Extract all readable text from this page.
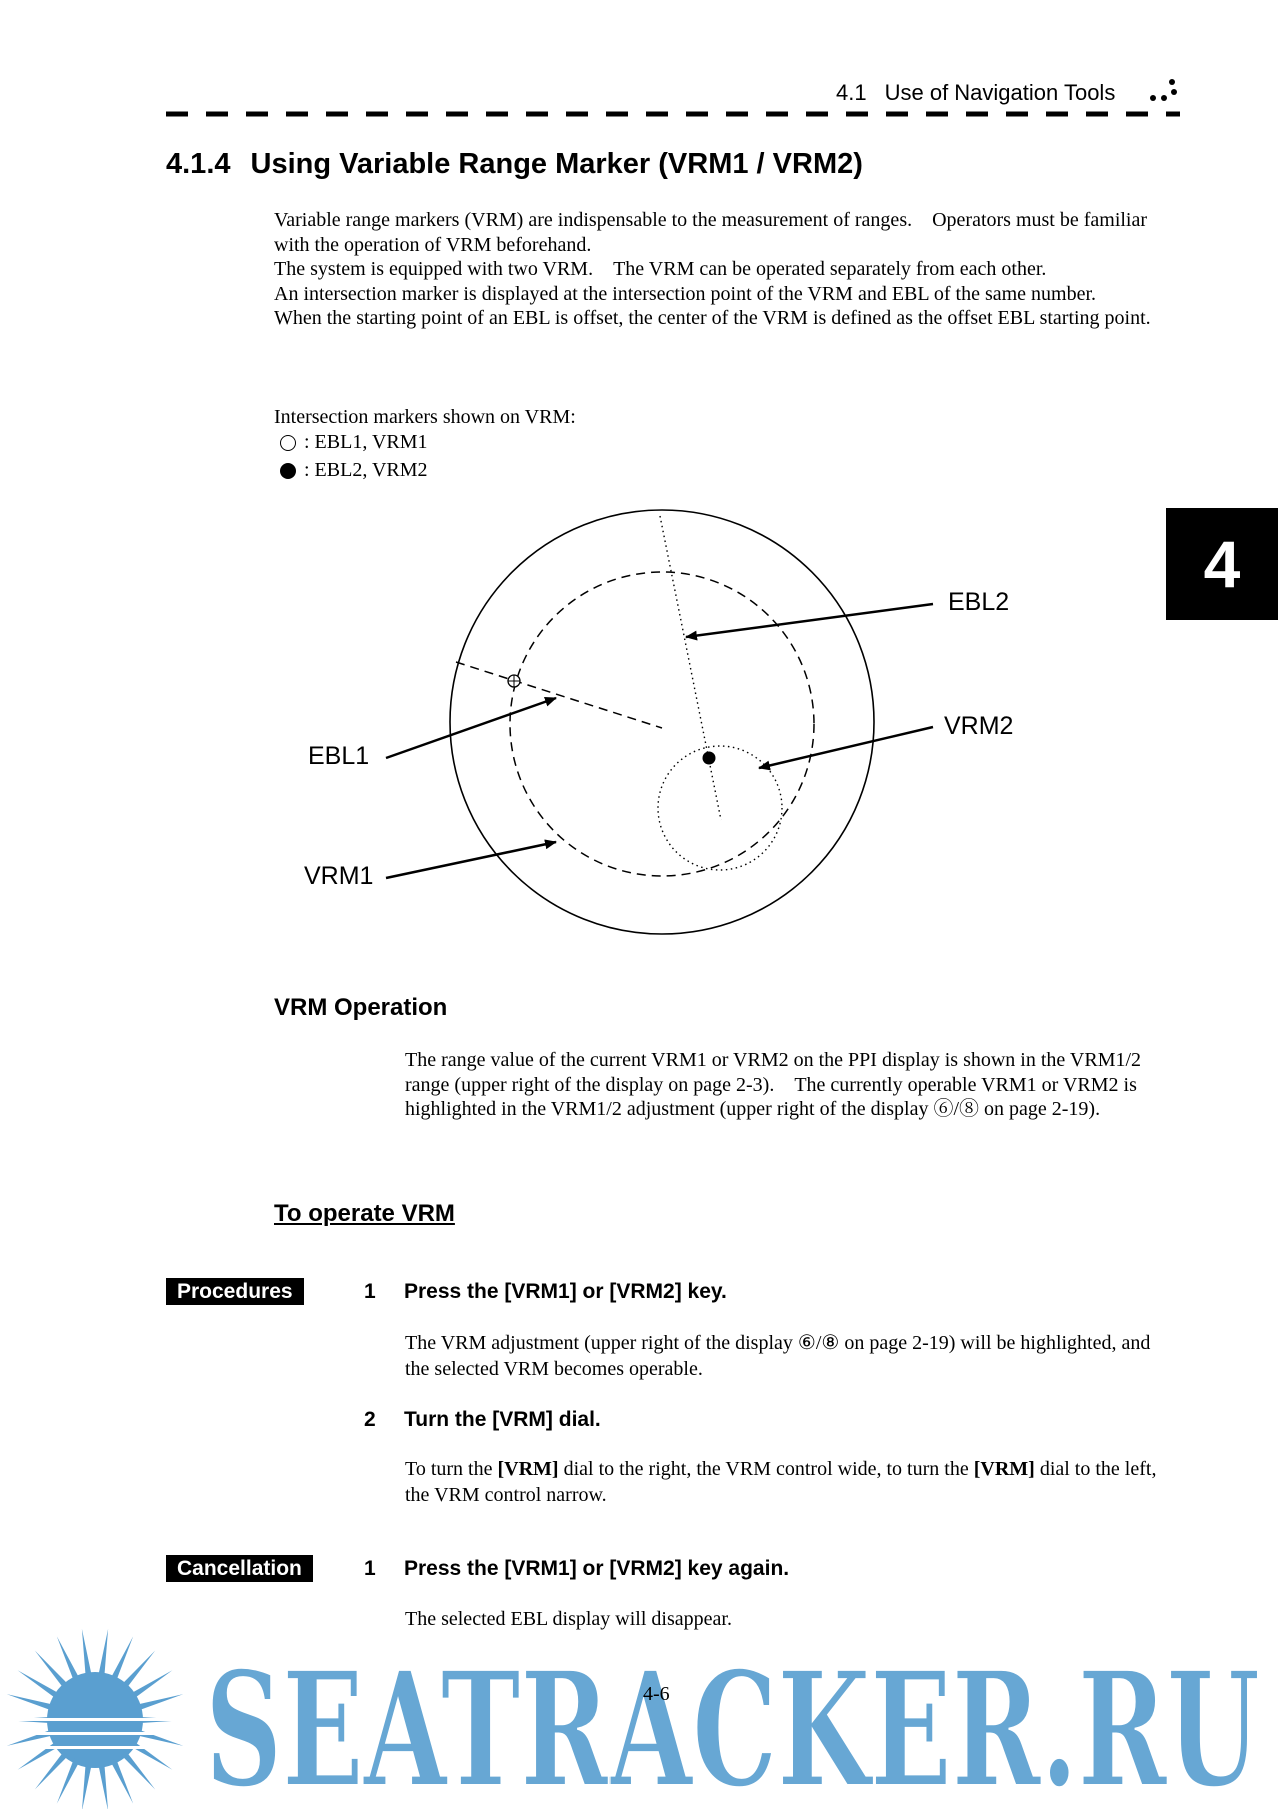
4.1 Use of Navigation Tools
4.1.4 Using Variable Range Marker (VRM1 / VRM2)
4

Variable range markers (VRM) are indispensable to the measurement of ranges.　Operators must be familiar with the operation of VRM beforehand.

The system is equipped with two VRM.　The VRM can be operated separately from each other.

An intersection marker is displayed at the intersection point of the VRM and EBL of the same number.

When the starting point of an EBL is offset, the center of the VRM is defined as the offset EBL starting point.

Intersection markers shown on VRM:
: EBL1, VRM1
: EBL2, VRM2
EBL2
VRM2
EBL1
VRM1
VRM Operation
The range value of the current VRM1 or VRM2 on the PPI display is shown in the VRM1/2 range (upper right of the display on page 2-3).　The currently operable VRM1 or VRM2 is highlighted in the VRM1/2 adjustment (upper right of the display ⑥/⑧ on page 2-19).
To operate VRM
Procedures	1 Press the [VRM1] or [VRM2] key.
The VRM adjustment (upper right of the display ⑥/⑧ on page 2-19) will be highlighted, and the selected VRM becomes operable.
2 Turn the [VRM] dial.
To turn the [VRM] dial to the right, the VRM control wide, to turn the [VRM] dial to the left, the VRM control narrow.
Cancellation	1 Press the [VRM1] or [VRM2] key again.
The selected EBL display will disappear.
SEATRACKER.RU
4-6
